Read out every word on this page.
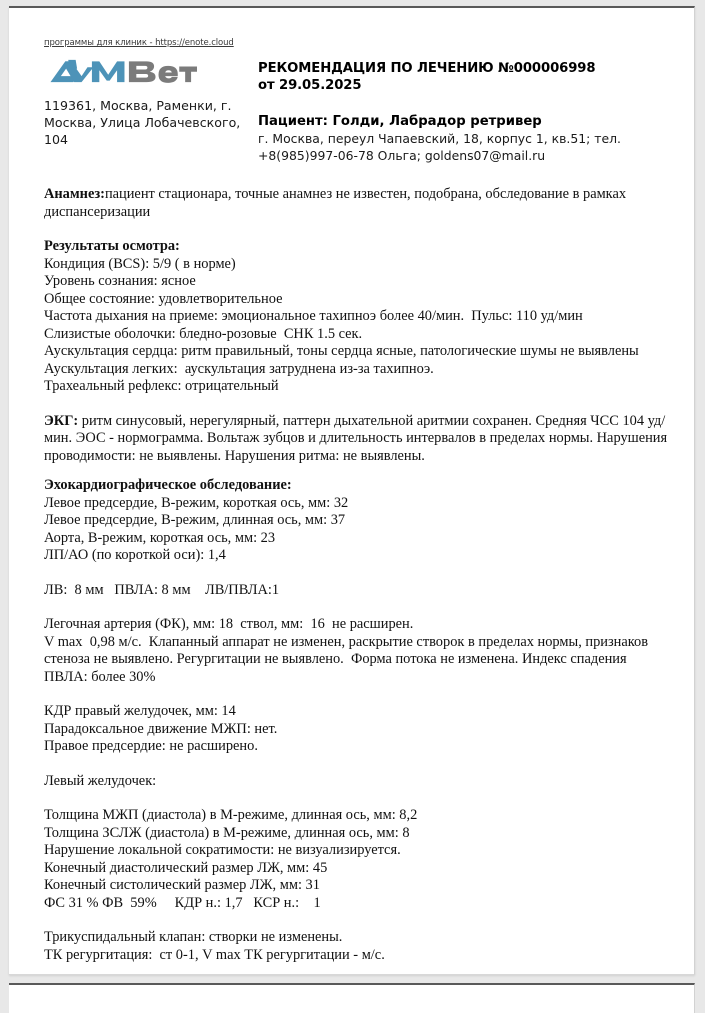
программы для клиник - https://enote.cloud
119361, Москва, Раменки, г. Москва, Улица Лобачевского, 104
РЕКОМЕНДАЦИЯ ПО ЛЕЧЕНИЮ №000006998
от 29.05.2025
Пациент: Голди, Лабрадор ретривер
г. Москва, переул Чапаевский, 18, корпус 1, кв.51; тел.
+8(985)997-06-78 Ольга; goldens07@mail.ru

Анамнез:пациент стационара, точные анамнез не известен, подобрана, обследование в рамках диспансеризации

Результаты осмотра:

Кондиция (BCS): 5/9 ( в норме)

Уровень сознания: ясное

Общее состояние: удовлетворительное

Частота дыхания на приеме: эмоциональное тахипноэ более 40/мин.  Пульс: 110 уд/мин

Слизистые оболочки: бледно-розовые  СНК 1.5 сек.

Аускультация сердца: ритм правильный, тоны сердца ясные, патологические шумы не выявлены

Аускультация легких:  аускультация затруднена из-за тахипноэ.

Трахеальный рефлекс: отрицательный

ЭКГ: ритм синусовый, нерегулярный, паттерн дыхательной аритмии сохранен. Средняя ЧСС 104 уд/мин. ЭОС - нормограмма. Вольтаж зубцов и длительность интервалов в пределах нормы. Нарушения проводимости: не выявлены. Нарушения ритма: не выявлены.

Эхокардиографическое обследование:

Левое предсердие, В-режим, короткая ось, мм: 32

Левое предсердие, В-режим, длинная ось, мм: 37

Аорта, В-режим, короткая ось, мм: 23

ЛП/АО (по короткой оси): 1,4

ЛВ:  8 мм   ПВЛА: 8 мм    ЛВ/ПВЛА:1

Легочная артерия (ФК), мм: 18  ствол, мм:  16  не расширен.

V max  0,98 м/с.  Клапанный аппарат не изменен, раскрытие створок в пределах нормы, признаков стеноза не выявлено. Регургитации не выявлено.  Форма потока не изменена. Индекс спадения ПВЛА: более 30%

КДР правый желудочек, мм: 14

Парадоксальное движение МЖП: нет.

Правое предсердие: не расширено.

Левый желудочек:

Толщина МЖП (диастола) в М-режиме, длинная ось, мм: 8,2

Толщина ЗСЛЖ (диастола) в М-режиме, длинная ось, мм: 8

Нарушение локальной сократимости: не визуализируется.

Конечный диастолический размер ЛЖ, мм: 45

Конечный систолический размер ЛЖ, мм: 31

ФС 31 % ФВ  59%     КДР н.: 1,7   КСР н.:    1

Трикуспидальный клапан: створки не изменены.

ТК регургитация:  ст 0-1, V max ТК регургитации - м/с.
